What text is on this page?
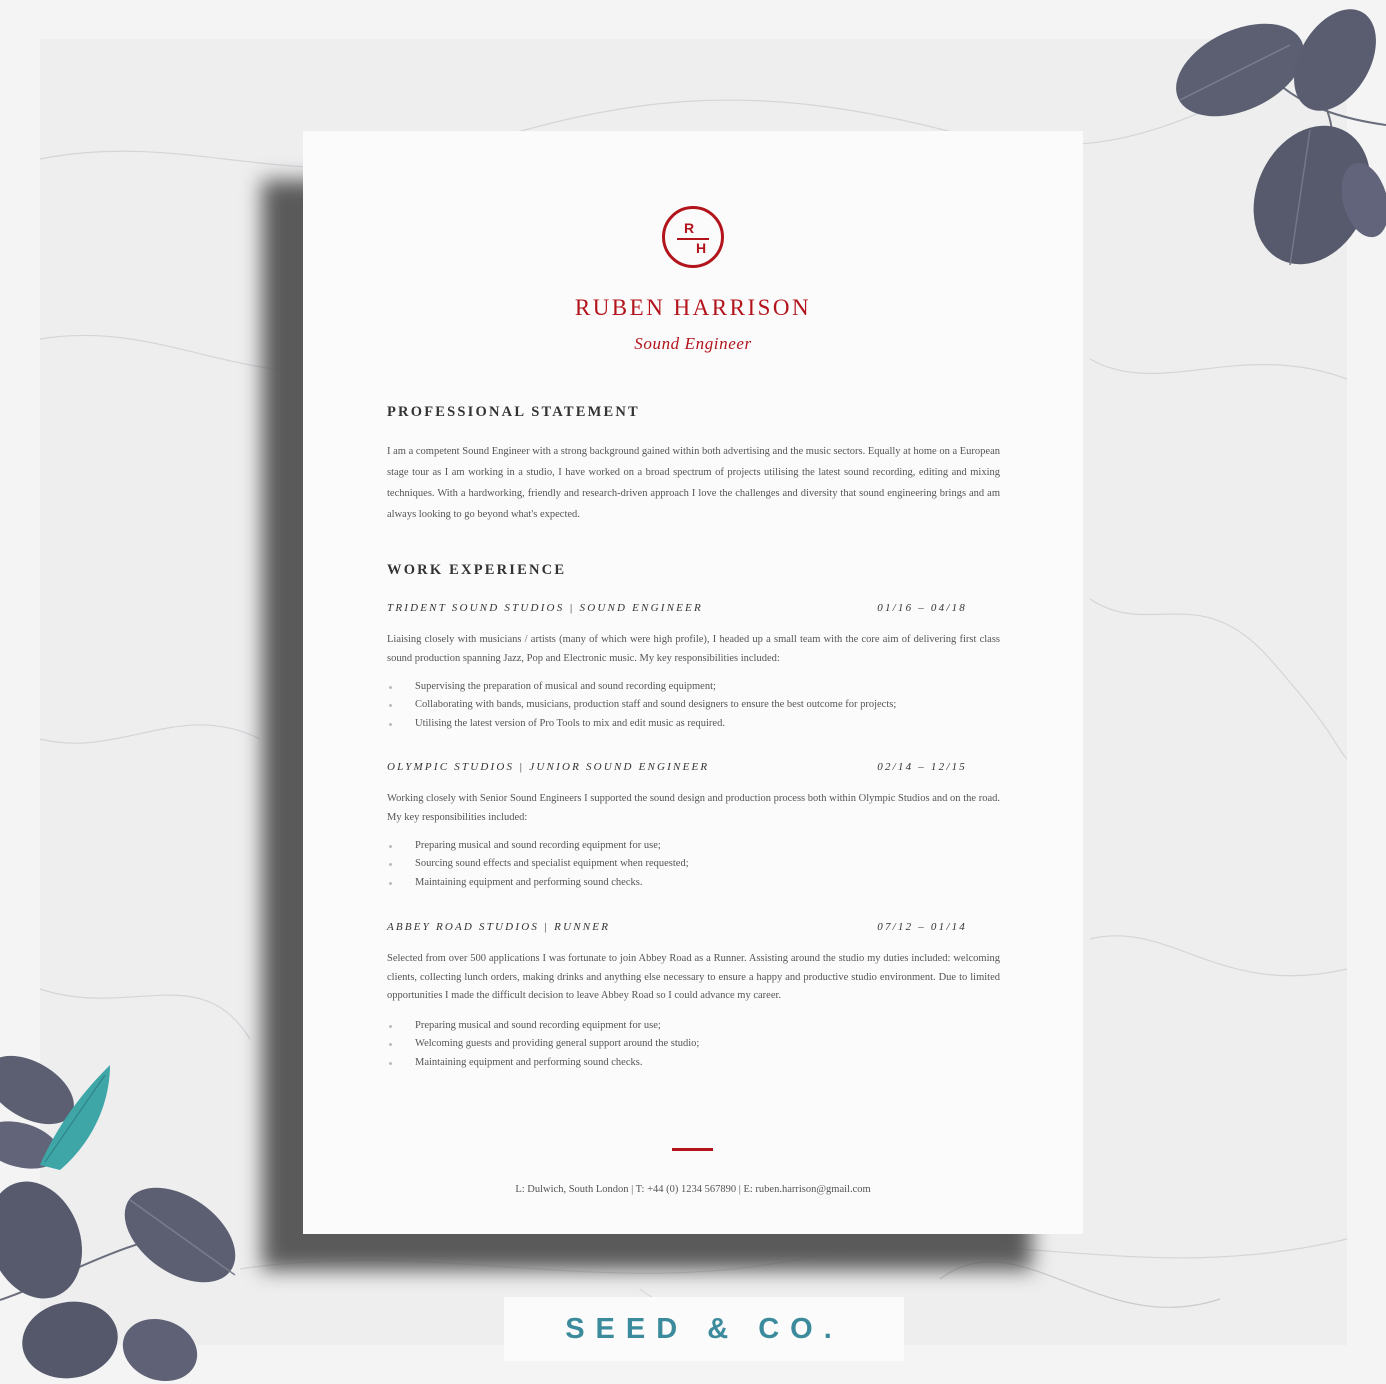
R
H
RUBEN HARRISON
Sound Engineer
PROFESSIONAL STATEMENT

I am a competent Sound Engineer with a strong background gained within both advertising and the music sectors. Equally at home on a European stage tour as I am working in a studio, I have worked on a broad spectrum of projects utilising the latest sound recording, editing and mixing techniques. With a hardworking, friendly and research-driven approach I love the challenges and diversity that sound engineering brings and am always looking to go beyond what's expected.

WORK EXPERIENCE
TRIDENT SOUND STUDIOS | SOUND ENGINEER	01/16 – 04/18

Liaising closely with musicians / artists (many of which were high profile), I headed up a small team with the core aim of delivering first class sound production spanning Jazz, Pop and Electronic music. My key responsibilities included:

Supervising the preparation of musical and sound recording equipment;
Collaborating with bands, musicians, production staff and sound designers to ensure the best outcome for projects;
Utilising the latest version of Pro Tools to mix and edit music as required.
OLYMPIC STUDIOS | JUNIOR SOUND ENGINEER	02/14 – 12/15

Working closely with Senior Sound Engineers I supported the sound design and production process both within Olympic Studios and on the road. My key responsibilities included:

Preparing musical and sound recording equipment for use;
Sourcing sound effects and specialist equipment when requested;
Maintaining equipment and performing sound checks.
ABBEY ROAD STUDIOS | RUNNER	07/12 – 01/14

Selected from over 500 applications I was fortunate to join Abbey Road as a Runner. Assisting around the studio my duties included: welcoming clients, collecting lunch orders, making drinks and anything else necessary to ensure a happy and productive studio environment. Due to limited opportunities I made the difficult decision to leave Abbey Road so I could advance my career.

Preparing musical and sound recording equipment for use;
Welcoming guests and providing general support around the studio;
Maintaining equipment and performing sound checks.
L: Dulwich, South London | T: +44 (0) 1234 567890 | E: ruben.harrison@gmail.com
SEED & CO.
